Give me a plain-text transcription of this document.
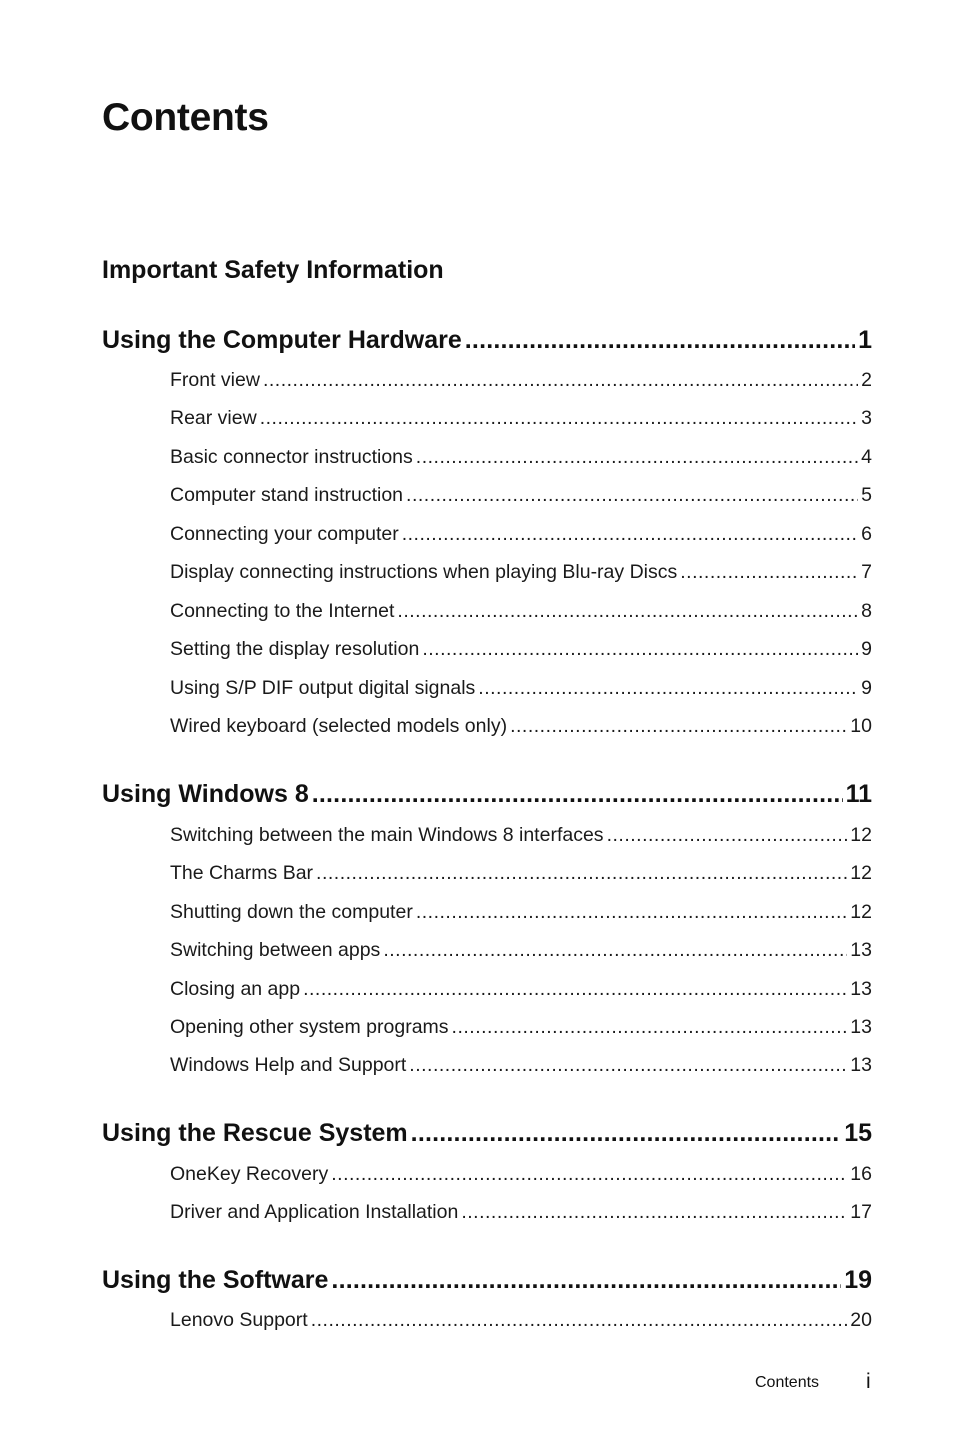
Contents
Important Safety Information
Using the Computer Hardware .....	1
Front view .....	2
Rear view .....	3
Basic connector instructions .....	4
Computer stand instruction .....	5
Connecting your computer .....	6
Display connecting instructions when playing Blu-ray Discs .....	7
Connecting to the Internet .....	8
Setting the display resolution .....	9
Using S/P DIF output digital signals .....	9
Wired keyboard (selected models only) .....	10
Using Windows 8 .....	11
Switching between the main Windows 8 interfaces .....	12
The Charms Bar .....	12
Shutting down the computer .....	12
Switching between apps .....	13
Closing an app .....	13
Opening other system programs .....	13
Windows Help and Support .....	13
Using the Rescue System .....	15
OneKey Recovery .....	16
Driver and Application Installation .....	17
Using the Software .....	19
Lenovo Support .....	20
Contents i
